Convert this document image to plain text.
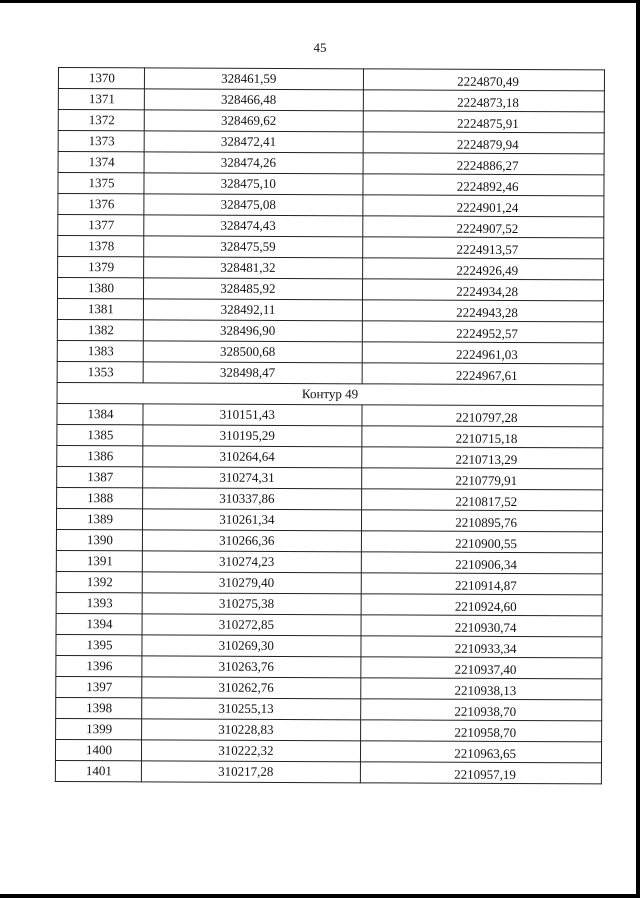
45
1370	328461,59	2224870,49
1371	328466,48	2224873,18
1372	328469,62	2224875,91
1373	328472,41	2224879,94
1374	328474,26	2224886,27
1375	328475,10	2224892,46
1376	328475,08	2224901,24
1377	328474,43	2224907,52
1378	328475,59	2224913,57
1379	328481,32	2224926,49
1380	328485,92	2224934,28
1381	328492,11	2224943,28
1382	328496,90	2224952,57
1383	328500,68	2224961,03
1353	328498,47	2224967,61
Контур 49		
1384	310151,43	2210797,28
1385	310195,29	2210715,18
1386	310264,64	2210713,29
1387	310274,31	2210779,91
1388	310337,86	2210817,52
1389	310261,34	2210895,76
1390	310266,36	2210900,55
1391	310274,23	2210906,34
1392	310279,40	2210914,87
1393	310275,38	2210924,60
1394	310272,85	2210930,74
1395	310269,30	2210933,34
1396	310263,76	2210937,40
1397	310262,76	2210938,13
1398	310255,13	2210938,70
1399	310228,83	2210958,70
1400	310222,32	2210963,65
1401	310217,28	2210957,19
